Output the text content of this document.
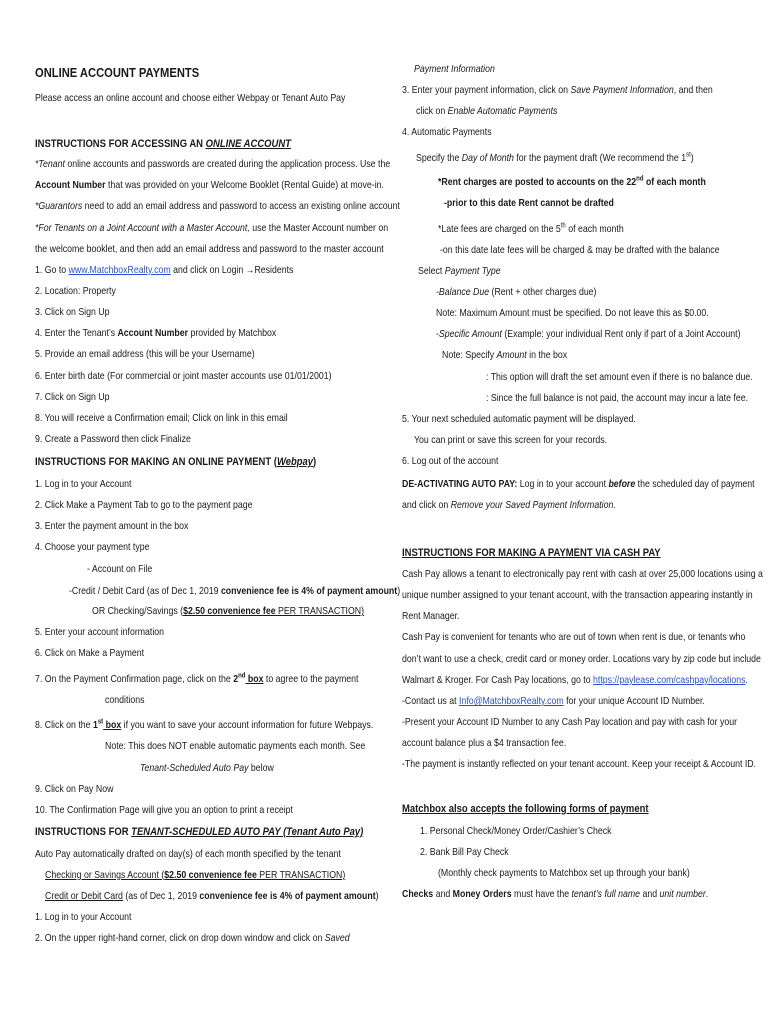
ONLINE ACCOUNT PAYMENTS
Please access an online account and choose either Webpay or Tenant Auto Pay
INSTRUCTIONS FOR ACCESSING AN ONLINE ACCOUNT
*Tenant online accounts and passwords are created during the application process. Use the
Account Number that was provided on your Welcome Booklet (Rental Guide) at move-in.
*Guarantors need to add an email address and password to access an existing online account
*For Tenants on a Joint Account with a Master Account, use the Master Account number on
the welcome booklet, and then add an email address and password to the master account
1. Go to www.MatchboxRealty.com and click on Login →Residents
2. Location: Property
3. Click on Sign Up
4. Enter the Tenant’s Account Number provided by Matchbox
5. Provide an email address (this will be your Username)
6. Enter birth date (For commercial or joint master accounts use 01/01/2001)
7. Click on Sign Up
8. You will receive a Confirmation email; Click on link in this email
9. Create a Password then click Finalize
INSTRUCTIONS FOR MAKING AN ONLINE PAYMENT (Webpay)
1. Log in to your Account
2. Click Make a Payment Tab to go to the payment page
3. Enter the payment amount in the box
4. Choose your payment type
- Account on File
-Credit / Debit Card (as of Dec 1, 2019 convenience fee is 4% of payment amount)
OR Checking/Savings ($2.50 convenience fee PER TRANSACTION)
5. Enter your account information
6. Click on Make a Payment
7. On the Payment Confirmation page, click on the 2nd box to agree to the payment
conditions
8. Click on the 1st box if you want to save your account information for future Webpays.
Note: This does NOT enable automatic payments each month. See
Tenant-Scheduled Auto Pay below
9. Click on Pay Now
10. The Confirmation Page will give you an option to print a receipt
INSTRUCTIONS FOR TENANT-SCHEDULED AUTO PAY (Tenant Auto Pay)
Auto Pay automatically drafted on day(s) of each month specified by the tenant
Checking or Savings Account ($2.50 convenience fee PER TRANSACTION)
Credit or Debit Card (as of Dec 1, 2019 convenience fee is 4% of payment amount)
1. Log in to your Account
2. On the upper right-hand corner, click on drop down window and click on Saved
Payment Information
3. Enter your payment information, click on Save Payment Information, and then
click on Enable Automatic Payments
4. Automatic Payments
Specify the Day of Month for the payment draft (We recommend the 1st)
*Rent charges are posted to accounts on the 22nd of each month
-prior to this date Rent cannot be drafted
*Late fees are charged on the 5th of each month
-on this date late fees will be charged & may be drafted with the balance
Select Payment Type
-Balance Due (Rent + other charges due)
Note: Maximum Amount must be specified. Do not leave this as $0.00.
-Specific Amount (Example: your individual Rent only if part of a Joint Account)
Note: Specify Amount in the box
: This option will draft the set amount even if there is no balance due.
: Since the full balance is not paid, the account may incur a late fee.
5. Your next scheduled automatic payment will be displayed.
You can print or save this screen for your records.
6. Log out of the account
DE-ACTIVATING AUTO PAY: Log in to your account before the scheduled day of payment
and click on Remove your Saved Payment Information.
INSTRUCTIONS FOR MAKING A PAYMENT VIA CASH PAY
Cash Pay allows a tenant to electronically pay rent with cash at over 25,000 locations using a
unique number assigned to your tenant account, with the transaction appearing instantly in
Rent Manager.
Cash Pay is convenient for tenants who are out of town when rent is due, or tenants who
don’t want to use a check, credit card or money order. Locations vary by zip code but include
Walmart & Kroger. For Cash Pay locations, go to https://paylease.com/cashpay/locations.
-Contact us at Info@MatchboxRealty.com for your unique Account ID Number.
-Present your Account ID Number to any Cash Pay location and pay with cash for your
account balance plus a $4 transaction fee.
-The payment is instantly reflected on your tenant account. Keep your receipt & Account ID.
Matchbox also accepts the following forms of payment
1. Personal Check/Money Order/Cashier’s Check
2. Bank Bill Pay Check
(Monthly check payments to Matchbox set up through your bank)
Checks and Money Orders must have the tenant’s full name and unit number.
